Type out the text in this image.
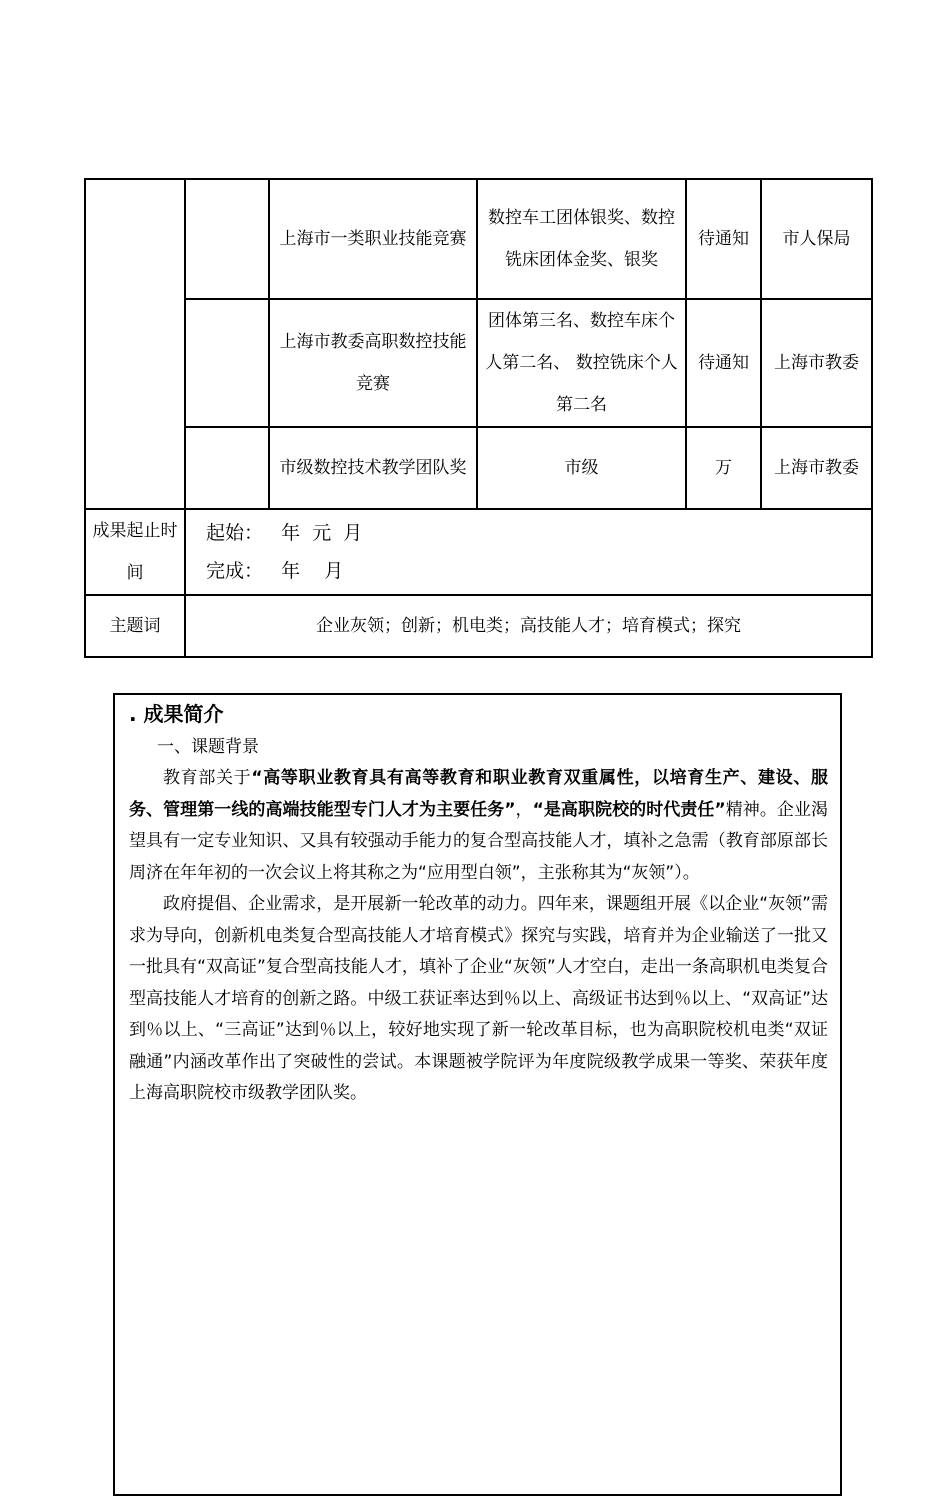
		上海市一类职业技能竞赛	数控车工团体银奖、数控铣床团体金奖、银奖	待通知	市人保局
		上海市教委高职数控技能竞赛	团体第三名、数控车床个人第二名、 数控铣床个人第二名	待通知	上海市教委
		市级数控技术教学团队奖	市级	万	上海市教委
成果起止时间	起始： 年  元  月
完成： 年    月				

主题词	企业灰领；创新；机电类；高技能人才；培育模式；探究				
. 成果简介
一、课题背景

教育部关于“高等职业教育具有高等教育和职业教育双重属性，以培育生产、建设、服务、管理第一线的高端技能型专门人才为主要任务”，“是高职院校的时代责任”精神。企业渴望具有一定专业知识、又具有较强动手能力的复合型高技能人才，填补之急需（教育部原部长周济在年年初的一次会议上将其称之为“应用型白领”，主张称其为“灰领”）。

政府提倡、企业需求，是开展新一轮改革的动力。四年来，课题组开展《以企业“灰领”需求为导向，创新机电类复合型高技能人才培育模式》探究与实践，培育并为企业输送了一批又一批具有“双高证”复合型高技能人才，填补了企业“灰领”人才空白，走出一条高职机电类复合型高技能人才培育的创新之路。中级工获证率达到％以上、高级证书达到％以上、“双高证”达到％以上、“三高证”达到％以上，较好地实现了新一轮改革目标，也为高职院校机电类“双证融通”内涵改革作出了突破性的尝试。本课题被学院评为年度院级教学成果一等奖、荣获年度上海高职院校市级教学团队奖。
